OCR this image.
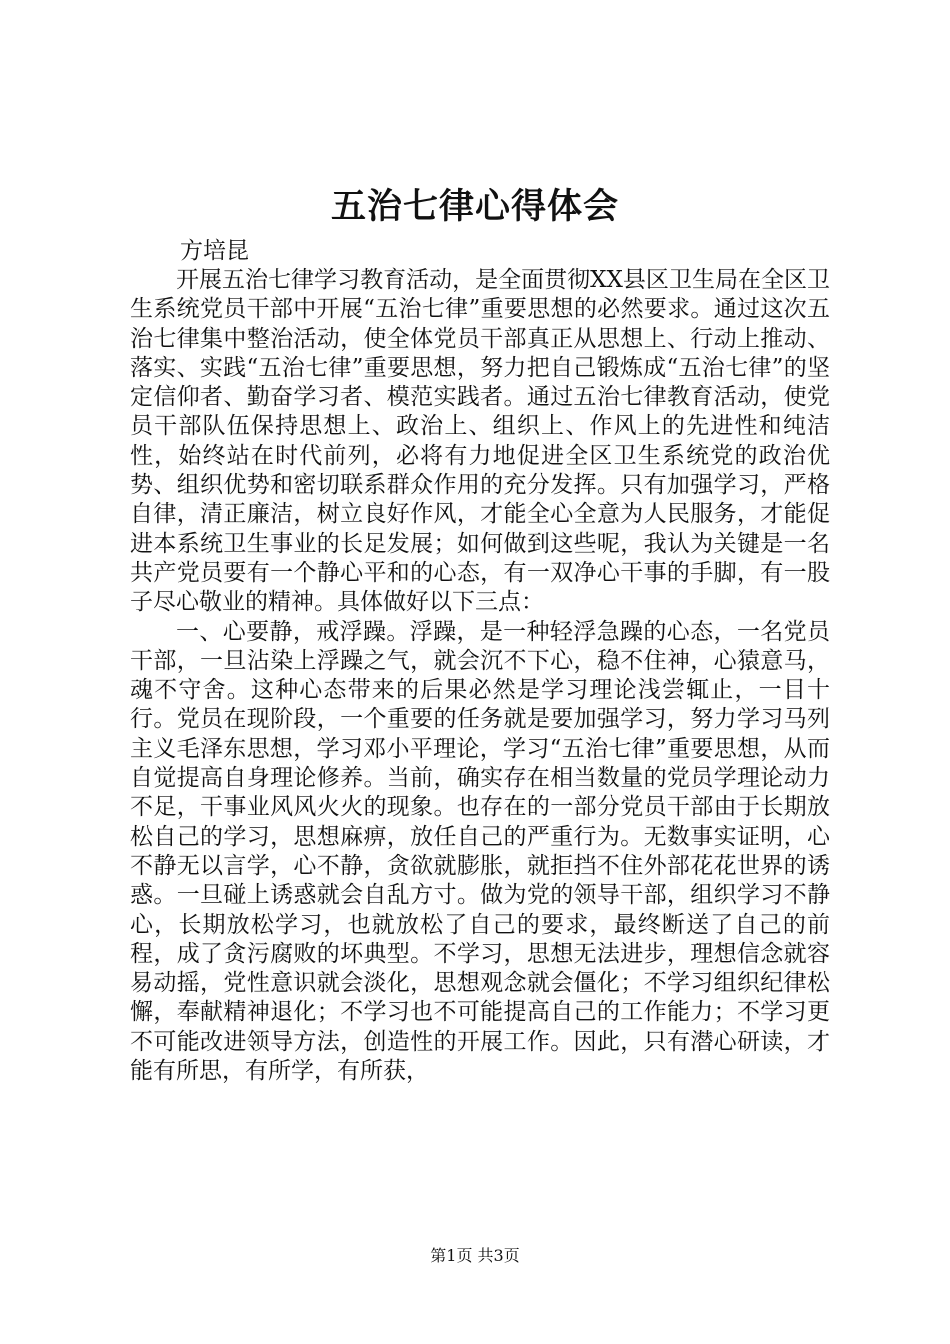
五治七律心得体会

方培昆

开展五治七律学习教育活动，是全面贯彻XX县区卫生局在全区卫生系统党员干部中开展“五治七律”重要思想的必然要求。通过这次五治七律集中整治活动，使全体党员干部真正从思想上、行动上推动、落实、实践“五治七律”重要思想，努力把自己锻炼成“五治七律”的坚定信仰者、勤奋学习者、模范实践者。通过五治七律教育活动，使党员干部队伍保持思想上、政治上、组织上、作风上的先进性和纯洁性，始终站在时代前列，必将有力地促进全区卫生系统党的政治优势、组织优势和密切联系群众作用的充分发挥。只有加强学习，严格自律，清正廉洁，树立良好作风，才能全心全意为人民服务，才能促进本系统卫生事业的长足发展；如何做到这些呢，我认为关键是一名共产党员要有一个静心平和的心态，有一双净心干事的手脚，有一股子尽心敬业的精神。具体做好以下三点：

一、心要静，戒浮躁。浮躁，是一种轻浮急躁的心态，一名党员干部，一旦沾染上浮躁之气，就会沉不下心，稳不住神，心猿意马，魂不守舍。这种心态带来的后果必然是学习理论浅尝辄止，一目十行。党员在现阶段，一个重要的任务就是要加强学习，努力学习马列主义毛泽东思想，学习邓小平理论，学习“五治七律”重要思想，从而自觉提高自身理论修养。当前，确实存在相当数量的党员学理论动力不足，干事业风风火火的现象。也存在的一部分党员干部由于长期放松自己的学习，思想麻痹，放任自己的严重行为。无数事实证明，心不静无以言学，心不静，贪欲就膨胀，就拒挡不住外部花花世界的诱惑。一旦碰上诱惑就会自乱方寸。做为党的领导干部，组织学习不静心，长期放松学习，也就放松了自己的要求，最终断送了自己的前程，成了贪污腐败的坏典型。不学习，思想无法进步，理想信念就容易动摇，党性意识就会淡化，思想观念就会僵化；不学习组织纪律松懈，奉献精神退化；不学习也不可能提高自己的工作能力；不学习更不可能改进领导方法，创造性的开展工作。因此，只有潜心研读，才能有所思，有所学，有所获，

第1页 共3页
